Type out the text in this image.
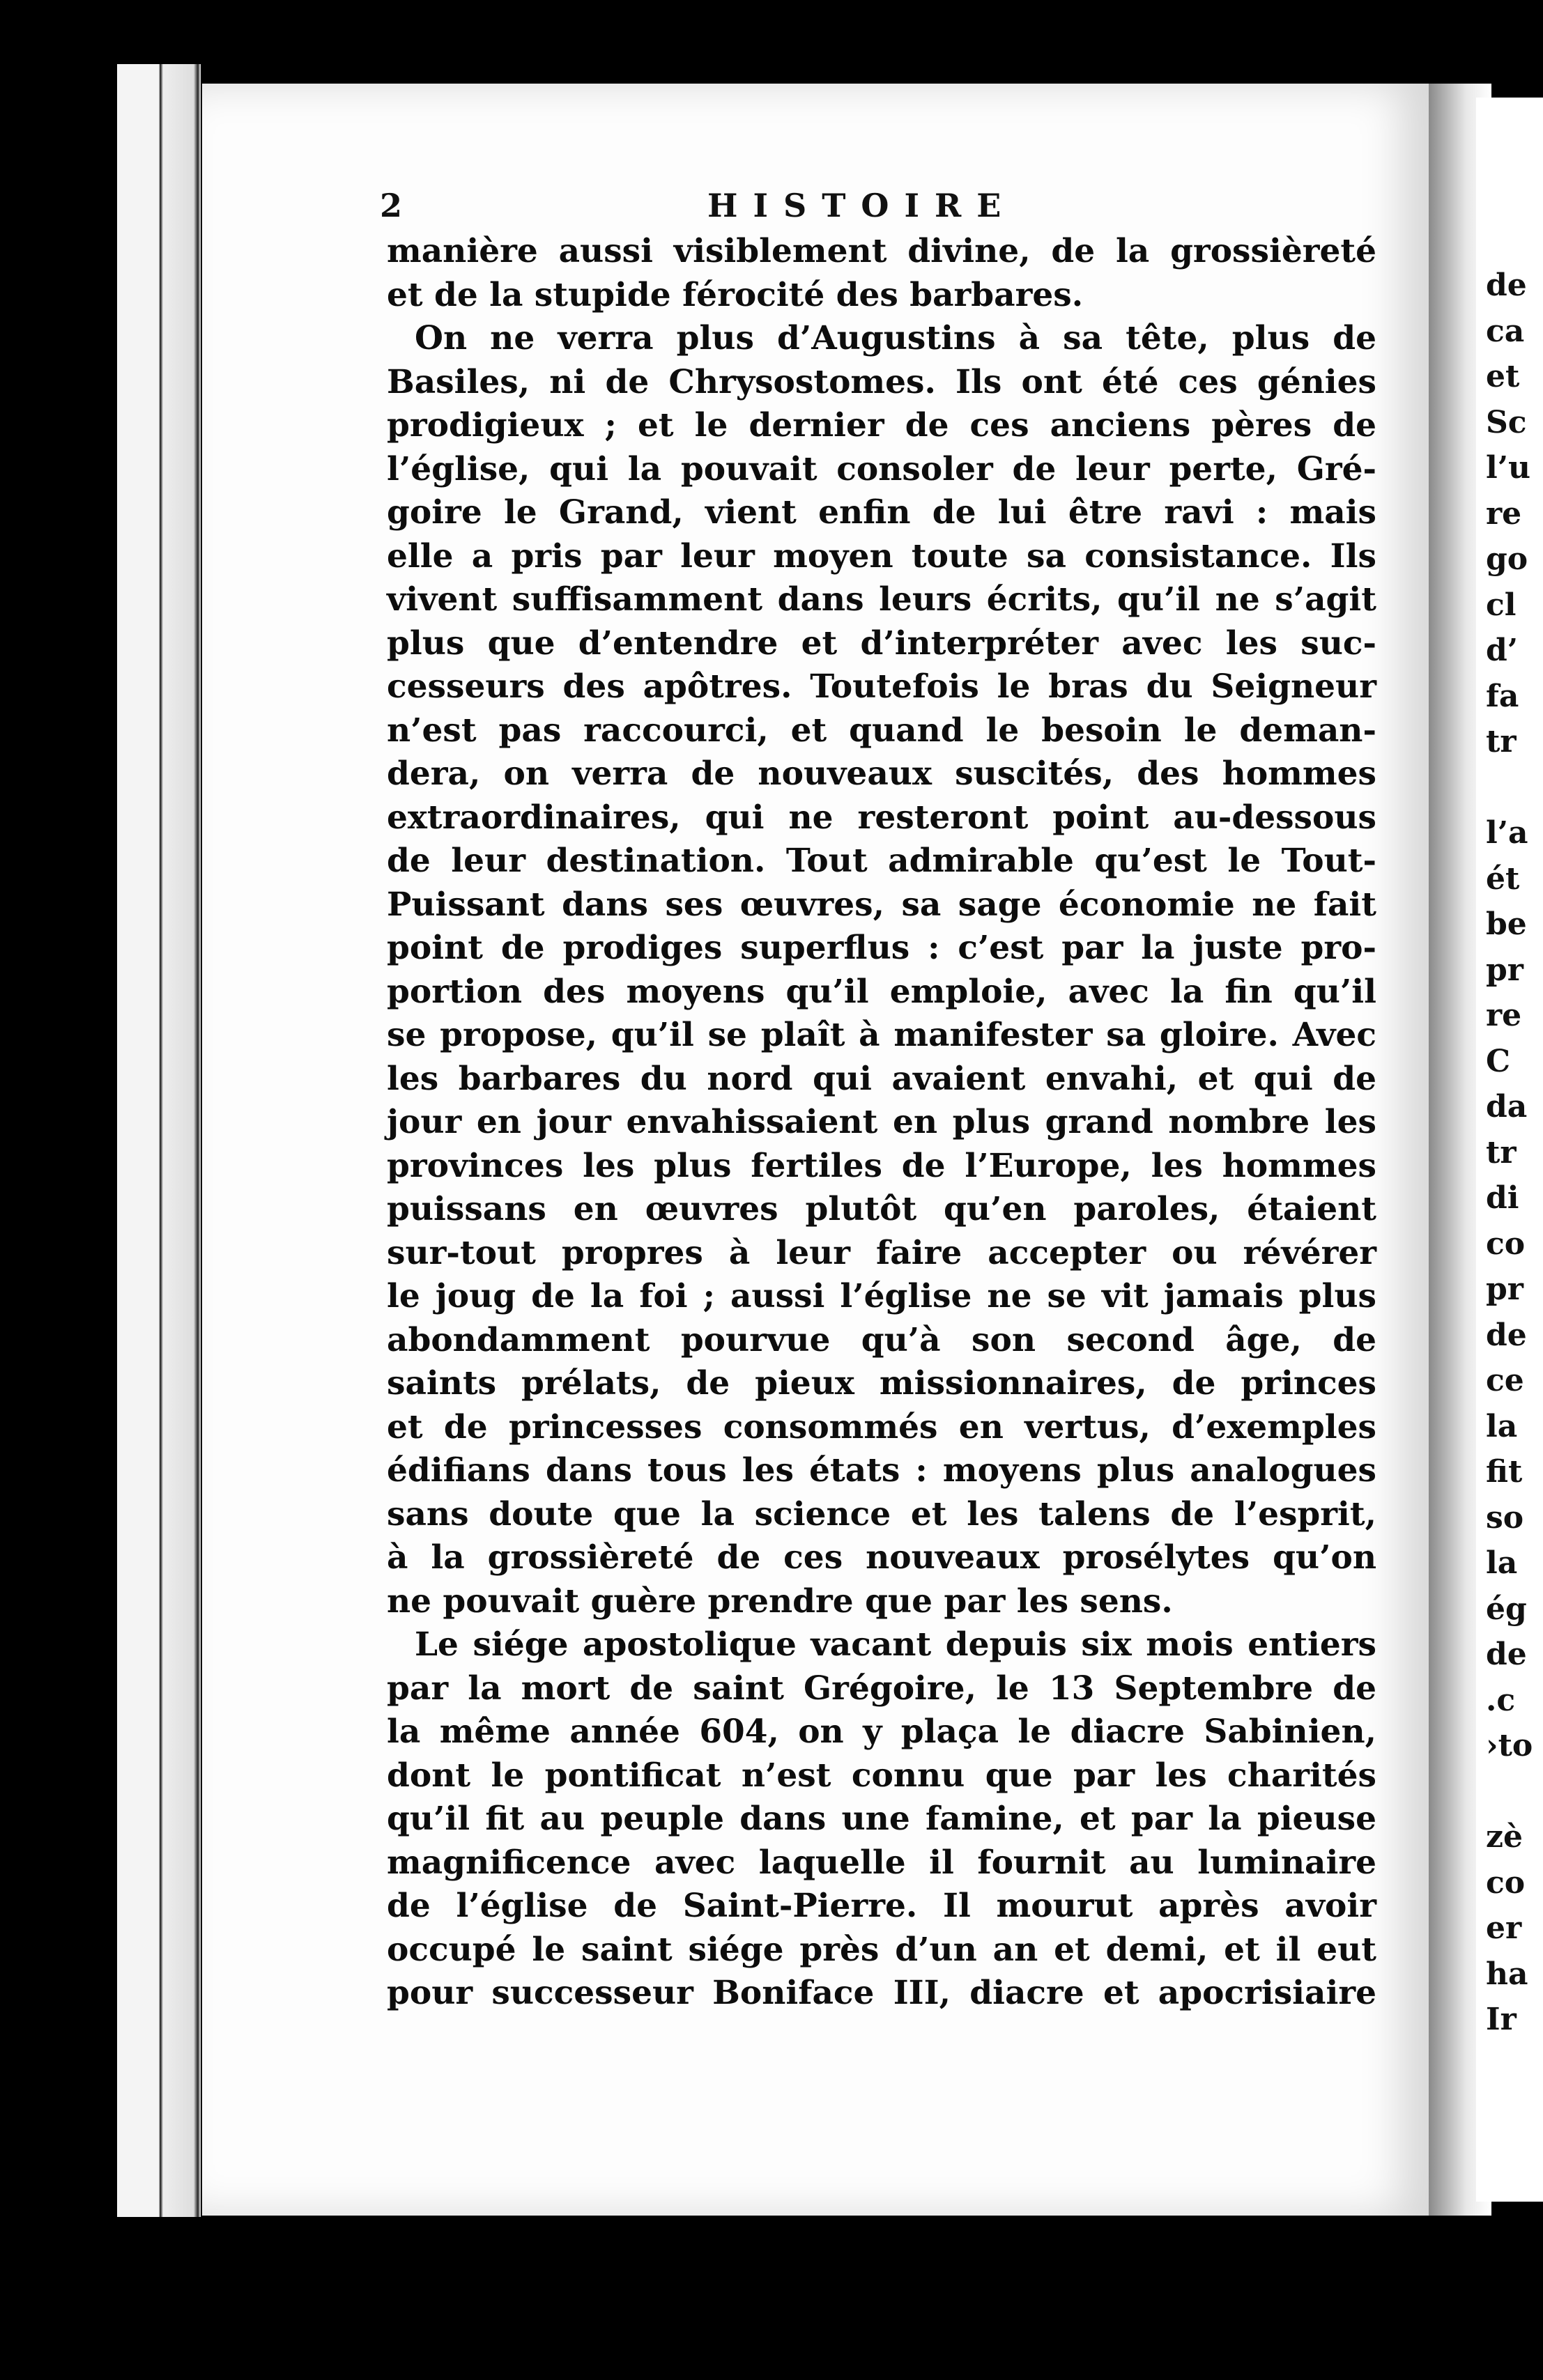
de
ca
et
Sc
l’u
re
go
cl
d’
fa
tr
l’a
ét
be
pr
re
C
da
tr
di
co
pr
de
ce
la
fit
so
la
ég
de
.c
›to
zè
co
er
ha
Ir
2	HISTOIRE
manière aussi visiblement divine, de la grossièreté
et de la stupide férocité des barbares.
On ne verra plus d’Augustins à sa tête, plus de
Basiles, ni de Chrysostomes. Ils ont été ces génies
prodigieux ; et le dernier de ces anciens pères de
l’église, qui la pouvait consoler de leur perte, Gré-
goire le Grand, vient enfin de lui être ravi : mais
elle a pris par leur moyen toute sa consistance. Ils
vivent suffisamment dans leurs écrits, qu’il ne s’agit
plus que d’entendre et d’interpréter avec les suc-
cesseurs des apôtres. Toutefois le bras du Seigneur
n’est pas raccourci, et quand le besoin le deman-
dera, on verra de nouveaux suscités, des hommes
extraordinaires, qui ne resteront point au-dessous
de leur destination. Tout admirable qu’est le Tout-
Puissant dans ses œuvres, sa sage économie ne fait
point de prodiges superflus : c’est par la juste pro-
portion des moyens qu’il emploie, avec la fin qu’il
se propose, qu’il se plaît à manifester sa gloire. Avec
les barbares du nord qui avaient envahi, et qui de
jour en jour envahissaient en plus grand nombre les
provinces les plus fertiles de l’Europe, les hommes
puissans en œuvres plutôt qu’en paroles, étaient
sur-tout propres à leur faire accepter ou révérer
le joug de la foi ; aussi l’église ne se vit jamais plus
abondamment pourvue qu’à son second âge, de
saints prélats, de pieux missionnaires, de princes
et de princesses consommés en vertus, d’exemples
édifians dans tous les états : moyens plus analogues
sans doute que la science et les talens de l’esprit,
à la grossièreté de ces nouveaux prosélytes qu’on
ne pouvait guère prendre que par les sens.
Le siége apostolique vacant depuis six mois entiers
par la mort de saint Grégoire, le 13 Septembre de
la même année 604, on y plaça le diacre Sabinien,
dont le pontificat n’est connu que par les charités
qu’il fit au peuple dans une famine, et par la pieuse
magnificence avec laquelle il fournit au luminaire
de l’église de Saint-Pierre. Il mourut après avoir
occupé le saint siége près d’un an et demi, et il eut
pour successeur Boniface III, diacre et apocrisiaire
